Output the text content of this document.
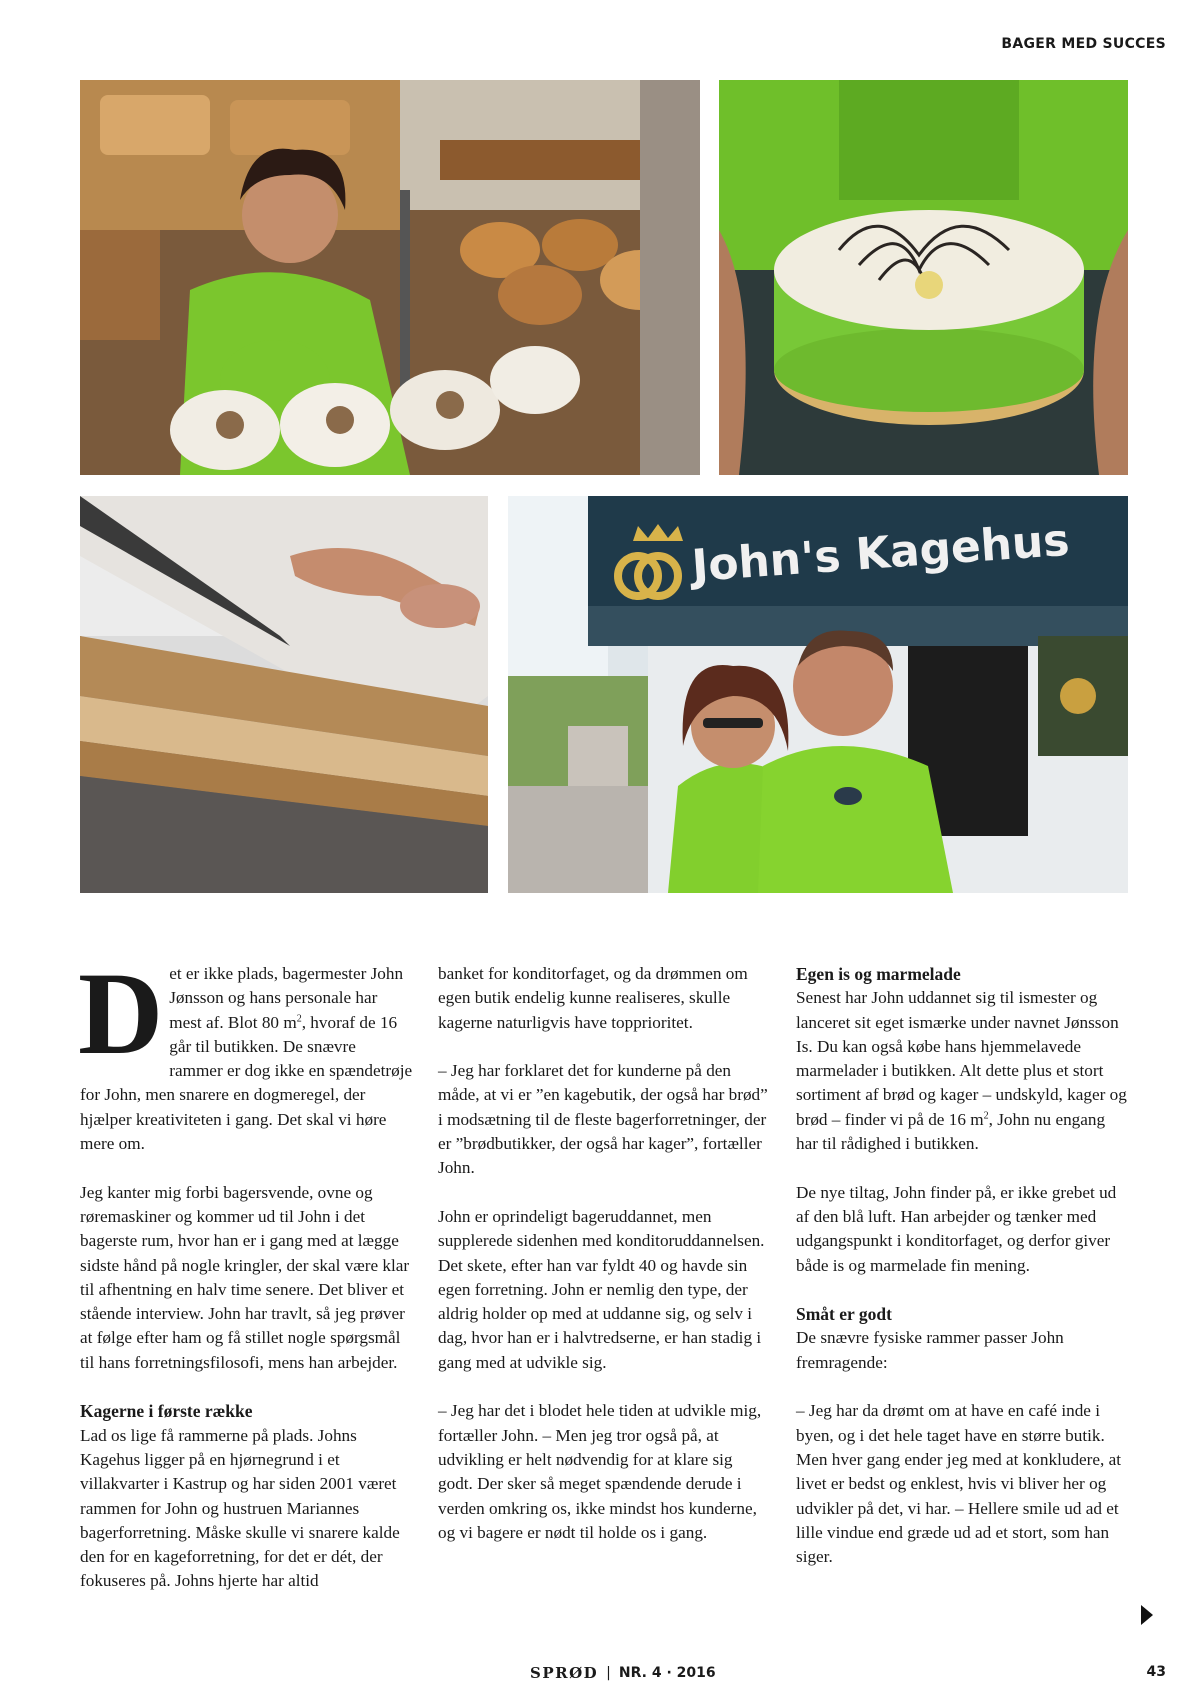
BAGER MED SUCCES
John's Kagehus

Det er ikke plads, bagermester John Jønsson og hans personale har mest af. Blot 80 $m^2$, hvoraf de 16 går til butikken. De snævre rammer er dog ikke en spændetrøje for John, men snarere en dogmeregel, der hjælper kreativiteten i gang. Det skal vi høre mere om.

Jeg kanter mig forbi bagersvende, ovne og røremaskiner og kommer ud til John i det bagerste rum, hvor han er i gang med at lægge sidste hånd på nogle kringler, der skal være klar til afhentning en halv time senere. Det bliver et stående interview. John har travlt, så jeg prøver at følge efter ham og få stillet nogle spørgsmål til hans forretningsfilosofi, mens han arbejder.

Kagerne i første række

Lad os lige få rammerne på plads. Johns Kagehus ligger på en hjørnegrund i et villakvarter i Kastrup og har siden 2001 været rammen for John og hustruen Mariannes bagerforretning. Måske skulle vi snarere kalde den for en kageforretning, for det er dét, der fokuseres på. Johns hjerte har altid

banket for konditorfaget, og da drømmen om egen butik endelig kunne realiseres, skulle kagerne naturligvis have topprioritet.

– Jeg har forklaret det for kunderne på den måde, at vi er ”en kagebutik, der også har brød” i modsætning til de fleste bagerforretninger, der er ”brødbutikker, der også har kager”, fortæller John.

John er oprindeligt bageruddannet, men supplerede sidenhen med konditoruddannelsen. Det skete, efter han var fyldt 40 og havde sin egen forretning. John er nemlig den type, der aldrig holder op med at uddanne sig, og selv i dag, hvor han er i halvtredserne, er han stadig i gang med at udvikle sig.

– Jeg har det i blodet hele tiden at udvikle mig, fortæller John. – Men jeg tror også på, at udvikling er helt nødvendig for at klare sig godt. Der sker så meget spændende derude i verden omkring os, ikke mindst hos kunderne, og vi bagere er nødt til holde os i gang.

Egen is og marmelade

Senest har John uddannet sig til ismester og lanceret sit eget ismærke under navnet Jønsson Is. Du kan også købe hans hjemmelavede marmelader i butikken. Alt dette plus et stort sortiment af brød og kager – undskyld, kager og brød – finder vi på de 16 $m^2$, John nu engang har til rådighed i butikken.

De nye tiltag, John finder på, er ikke grebet ud af den blå luft. Han arbejder og tænker med udgangspunkt i konditorfaget, og derfor giver både is og marmelade fin mening.

Småt er godt

De snævre fysiske rammer passer John fremragende:

– Jeg har da drømt om at have en café inde i byen, og i det hele taget have en større butik. Men hver gang ender jeg med at konkludere, at livet er bedst og enklest, hvis vi bliver her og udvikler på det, vi har. – Hellere smile ud ad et lille vindue end græde ud ad et stort, som han siger.

SPRØD | NR. 4 · 2016	43
